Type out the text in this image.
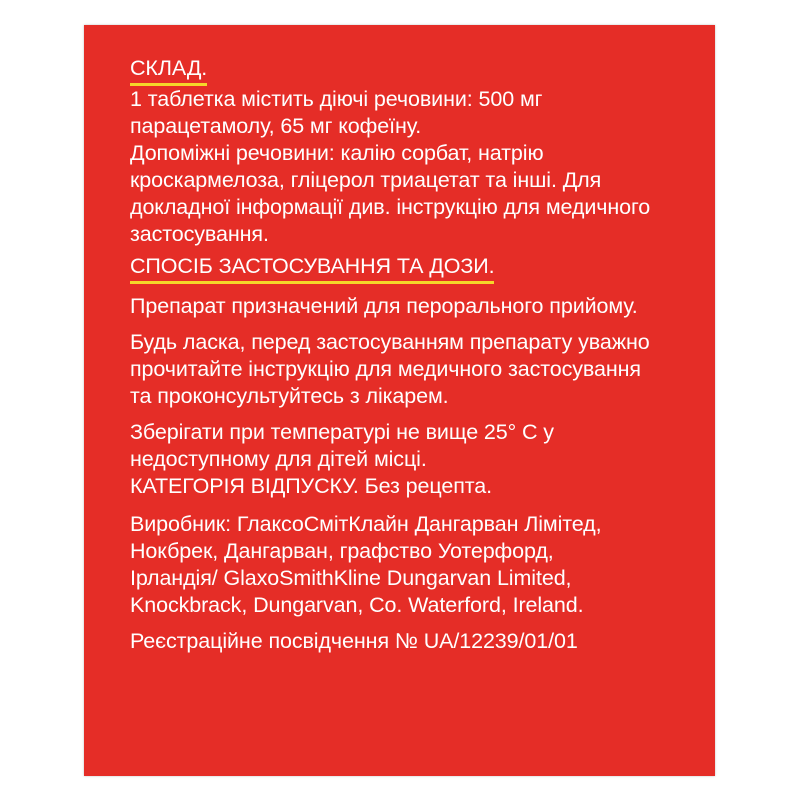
СКЛАД.

1 таблетка містить діючі речовини: 500 мг
парацетамолу, 65 мг кофеїну.

Допоміжні речовини: калію сорбат, натрію
кроскармелоза, гліцерол триацетат та інші. Для
докладної інформації див. інструкцію для медичного
застосування.

СПОСІБ ЗАСТОСУВАННЯ ТА ДОЗИ.

Препарат призначений для перорального прийому.

Будь ласка, перед застосуванням препарату уважно
прочитайте інструкцію для медичного застосування
та проконсультуйтесь з лікарем.

Зберігати при температурі не вище 25° С у
недоступному для дітей місці.

КАТЕГОРІЯ ВІДПУСКУ. Без рецепта.

Виробник: ГлаксоСмітКлайн Дангарван Лімітед,
Нокбрек, Дангарван, графство Уотерфорд,
Ірландія/ GlaxoSmithKline Dungarvan Limited,
Knockbrack, Dungarvan, Co. Waterford, Ireland.

Реєстраційне посвідчення № UA/12239/01/01
